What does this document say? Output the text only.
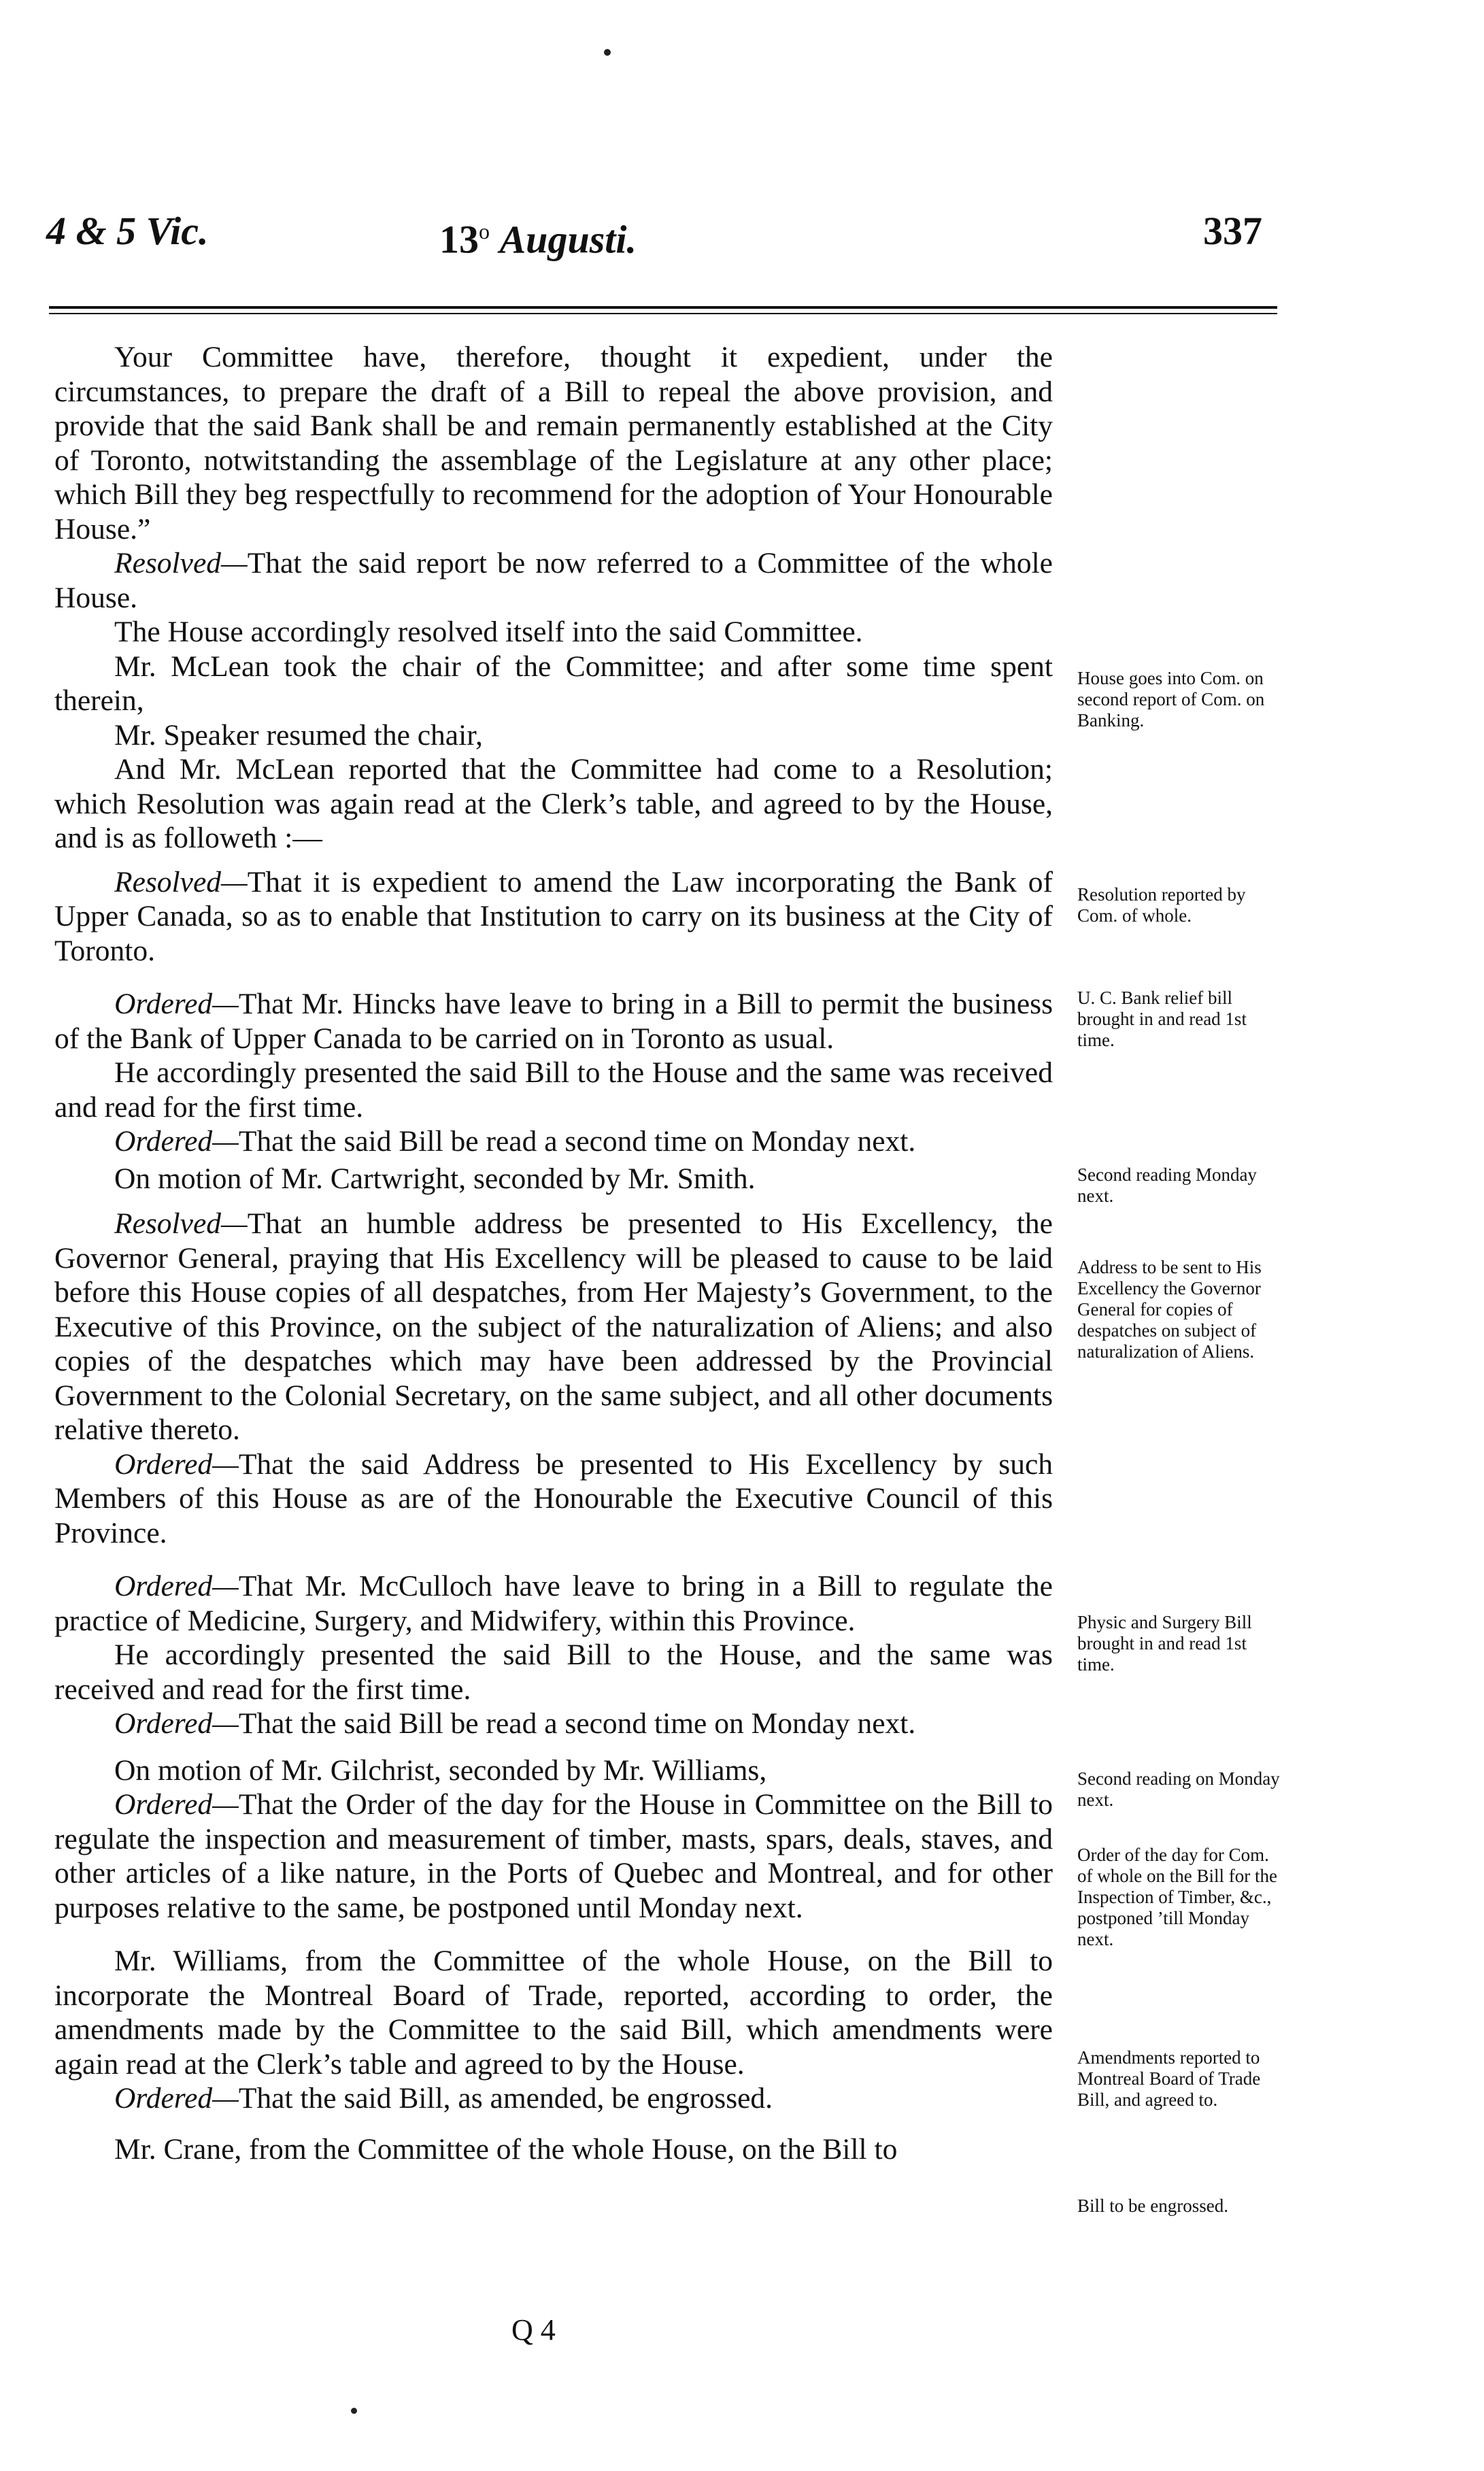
4 & 5 Vic.	13$^o$ Augusti.	337

Your Committee have, therefore, thought it expedient, under the circumstances, to prepare the draft of a Bill to repeal the above provision, and provide that the said Bank shall be and remain permanently established at the City of Toronto, notwitstanding the assemblage of the Legislature at any other place; which Bill they beg respectfully to recommend for the adoption of Your Honourable House.”

Resolved—That the said report be now referred to a Committee of the whole House.

The House accordingly resolved itself into the said Committee.

Mr. McLean took the chair of the Committee; and after some time spent therein,

Mr. Speaker resumed the chair,

And Mr. McLean reported that the Committee had come to a Resolution; which Resolution was again read at the Clerk’s table, and agreed to by the House, and is as followeth :—

Resolved—That it is expedient to amend the Law incorporating the Bank of Upper Canada, so as to enable that Institution to carry on its business at the City of Toronto.

Ordered—That Mr. Hincks have leave to bring in a Bill to permit the business of the Bank of Upper Canada to be carried on in Toronto as usual.

He accordingly presented the said Bill to the House and the same was received and read for the first time.

Ordered—That the said Bill be read a second time on Monday next.

On motion of Mr. Cartwright, seconded by Mr. Smith.

Resolved—That an humble address be presented to His Excellency, the Governor General, praying that His Excellency will be pleased to cause to be laid before this House copies of all despatches, from Her Majesty’s Government, to the Executive of this Province, on the subject of the naturalization of Aliens; and also copies of the despatches which may have been addressed by the Provincial Government to the Colonial Secretary, on the same subject, and all other documents relative thereto.

Ordered—That the said Address be presented to His Excellency by such Members of this House as are of the Honourable the Executive Council of this Province.

Ordered—That Mr. McCulloch have leave to bring in a Bill to regulate the practice of Medicine, Surgery, and Midwifery, within this Province.

He accordingly presented the said Bill to the House, and the same was received and read for the first time.

Ordered—That the said Bill be read a second time on Monday next.

On motion of Mr. Gilchrist, seconded by Mr. Williams,

Ordered—That the Order of the day for the House in Committee on the Bill to regulate the inspection and measurement of timber, masts, spars, deals, staves, and other articles of a like nature, in the Ports of Quebec and Montreal, and for other purposes relative to the same, be postponed until Monday next.

Mr. Williams, from the Committee of the whole House, on the Bill to incorporate the Montreal Board of Trade, reported, according to order, the amendments made by the Committee to the said Bill, which amendments were again read at the Clerk’s table and agreed to by the House.

Ordered—That the said Bill, as amended, be engrossed.

Mr. Crane, from the Committee of the whole House, on the Bill to

House goes into Com. on second report of Com. on Banking.
Resolution reported by Com. of whole.
U. C. Bank relief bill brought in and read 1st time.
Second reading Monday next.
Address to be sent to His Excellency the Governor General for copies of despatches on subject of naturalization of Aliens.
Physic and Surgery Bill brought in and read 1st time.
Second reading on Monday next.
Order of the day for Com. of whole on the Bill for the Inspection of Timber, &c., postponed ’till Monday next.
Amendments reported to Montreal Board of Trade Bill, and agreed to.
Bill to be engrossed.
Q 4
